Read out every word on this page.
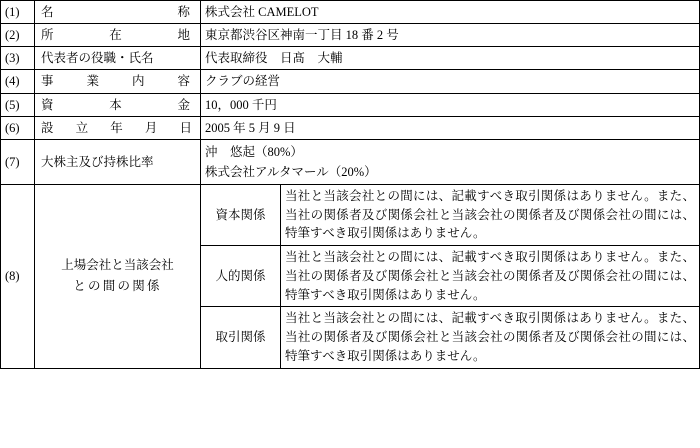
(1)	名 称	株式会社 CAMELOT	
(2)	所 在 地	東京都渋谷区神南一丁目 18 番 2 号	
(3)	代表者の役職・氏名	代表取締役　日髙　大輔	
(4)	事 業 内 容	クラブの経営	
(5)	資 本 金	10，000 千円	
(6)	設 立 年 月 日	2005 年 5 月 9 日	
(7)	大株主及び持株比率	沖　悠起（80%）
株式会社アルタマール（20%）	

(8)	上場会社と当該会社
との間の関係	資本関係	当社と当該会社との間には、記載すべき取引関係はありません。また、当社の関係者及び関係会社と当該会社の関係者及び関係会社の間には、特筆すべき取引関係はありません。
		人的関係	当社と当該会社との間には、記載すべき取引関係はありません。また、当社の関係者及び関係会社と当該会社の関係者及び関係会社の間には、特筆すべき取引関係はありません。
		取引関係	当社と当該会社との間には、記載すべき取引関係はありません。また、当社の関係者及び関係会社と当該会社の関係者及び関係会社の間には、特筆すべき取引関係はありません。
